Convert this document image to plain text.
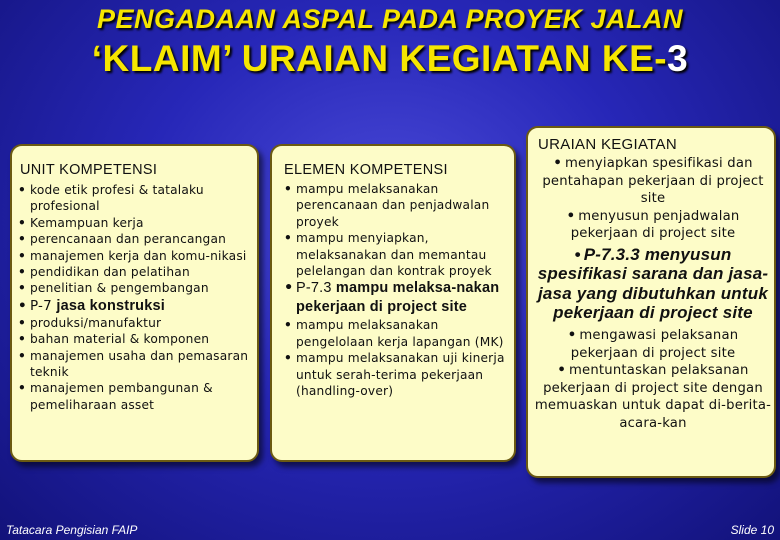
PENGADAAN ASPAL PADA PROYEK JALAN
‘KLAIM’ URAIAN KEGIATAN KE-3
UNIT KOMPETENSI
• kode etik profesi & tatalaku profesional
• Kemampuan kerja
• perencanaan dan perancangan
• manajemen kerja dan komu-nikasi
• pendidikan dan pelatihan
• penelitian & pengembangan
• P-7 jasa konstruksi
• produksi/manufaktur
• bahan material & komponen
• manajemen usaha dan pemasaran teknik
• manajemen pembangunan & pemeliharaan asset
ELEMEN KOMPETENSI
• mampu melaksanakan perencanaan dan penjadwalan proyek
• mampu menyiapkan, melaksanakan dan memantau pelelangan dan kontrak proyek
• P-7.3 mampu melaksa-nakan pekerjaan di project site
• mampu melaksanakan pengelolaan kerja lapangan (MK)
• mampu melaksanakan uji kinerja untuk serah-terima pekerjaan (handling-over)
URAIAN KEGIATAN
• menyiapkan spesifikasi dan pentahapan pekerjaan di project site
• menyusun penjadwalan pekerjaan di project site
• P-7.3.3 menyusun spesifikasi sarana dan jasa-jasa yang dibutuhkan untuk pekerjaan di project site
• mengawasi pelaksanan pekerjaan di project site
• mentuntaskan pelaksanan pekerjaan di project site dengan memuaskan untuk dapat di-berita-acara-kan
Tatacara Pengisian FAIP	Slide 10
